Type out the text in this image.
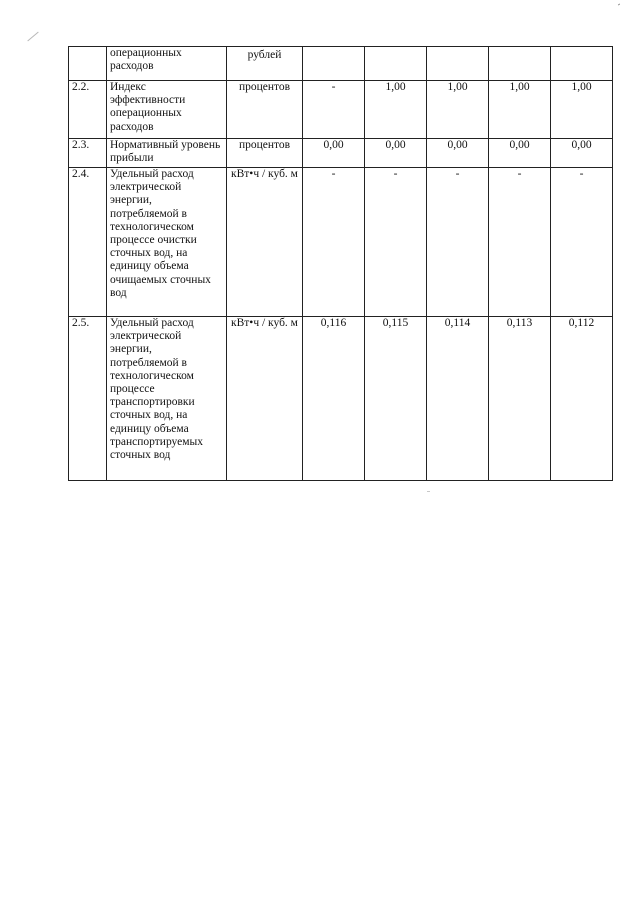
	операционных расходов	рублей					
2.2.	Индекс эффективности операционных расходов	процентов	-	1,00	1,00	1,00	1,00
2.3.	Нормативный уровень прибыли	процентов	0,00	0,00	0,00	0,00	0,00
2.4.	Удельный расход электрической энергии, потребляемой в технологическом процессе очистки сточных вод, на единицу объема очищаемых сточных вод	кВт•ч / куб. м	-	-	-	-	-
2.5.	Удельный расход электрической энергии, потребляемой в технологическом процессе транспортировки сточных вод, на единицу объема транспортируемых сточных вод	кВт•ч / куб. м	0,116	0,115	0,114	0,113	0,112
